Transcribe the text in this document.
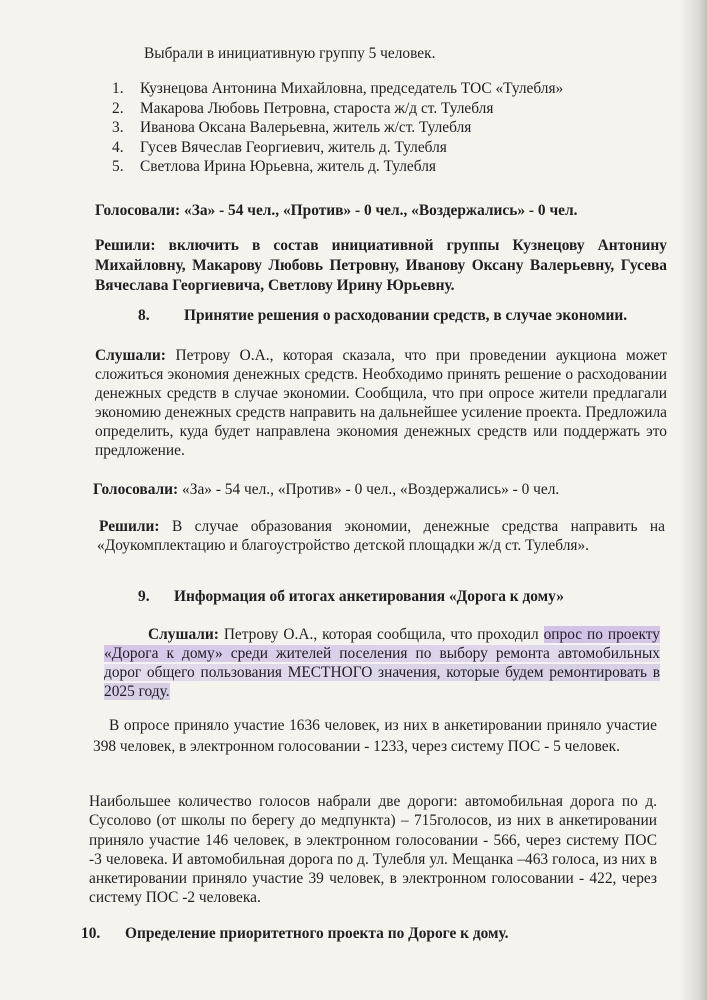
Выбрали в инициативную группу 5 человек.
1. Кузнецова Антонина Михайловна, председатель ТОС «Тулебля»
2. Макарова Любовь Петровна, староста ж/д ст. Тулебля
3. Иванова Оксана Валерьевна, житель ж/ст. Тулебля
4. Гусев Вячеслав Георгиевич, житель д. Тулебля
5. Светлова Ирина Юрьевна, житель д. Тулебля
Голосовали: «За» - 54 чел., «Против» - 0 чел., «Воздержались» - 0 чел.
Решили: включить в состав инициативной группы Кузнецову Антонину Михайловну, Макарову Любовь Петровну, Иванову Оксану Валерьевну, Гусева Вячеслава Георгиевича, Светлову Ирину Юрьевну.
8. Принятие решения о расходовании средств, в случае экономии.
Слушали: Петрову О.А., которая сказала, что при проведении аукциона может сложиться экономия денежных средств. Необходимо принять решение о расходовании денежных средств в случае экономии. Сообщила, что при опросе жители предлагали экономию денежных средств направить на дальнейшее усиление проекта. Предложила определить, куда будет направлена экономия денежных средств или поддержать это предложение.
Голосовали: «За» - 54 чел., «Против» - 0 чел., «Воздержались» - 0 чел.
Решили: В случае образования экономии, денежные средства направить на «Доукомплектацию и благоустройство детской площадки ж/д ст. Тулебля».
9. Информация об итогах анкетирования «Дорога к дому»
Слушали: Петрову О.А., которая сообщила, что проходил опрос по проекту «Дорога к дому» среди жителей поселения по выбору ремонта автомобильных дорог общего пользования МЕСТНОГО значения, которые будем ремонтировать в 2025 году.
В опросе приняло участие 1636 человек, из них в анкетировании приняло участие 398 человек, в электронном голосовании - 1233, через систему ПОС - 5 человек.
Наибольшее количество голосов набрали две дороги: автомобильная дорога по д. Сусолово (от школы по берегу до медпункта) – 715голосов, из них в анкетировании приняло участие 146 человек, в электронном голосовании - 566, через систему ПОС -3 человека. И автомобильная дорога по д. Тулебля ул. Мещанка –463 голоса, из них в анкетировании приняло участие 39 человек, в электронном голосовании - 422, через систему ПОС -2 человека.
10. Определение приоритетного проекта по Дороге к дому.
